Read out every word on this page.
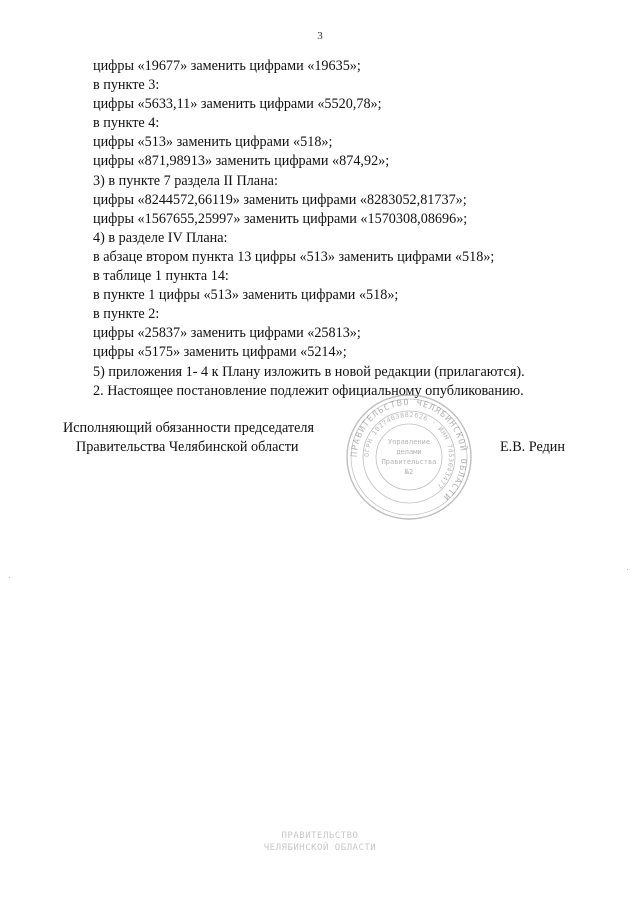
3
цифры «19677» заменить цифрами «19635»;
в пункте 3:
цифры «5633,11» заменить цифрами «5520,78»;
в пункте 4:
цифры «513» заменить цифрами «518»;
цифры «871,98913» заменить цифрами «874,92»;
3) в пункте 7 раздела II Плана:
цифры «8244572,66119» заменить цифрами «8283052,81737»;
цифры «1567655,25997» заменить цифрами «1570308,08696»;
4) в разделе IV Плана:
в абзаце втором пункта 13 цифры «513» заменить цифрами «518»;
в таблице 1 пункта 14:
в пункте 1 цифры «513» заменить цифрами «518»;
в пункте 2:
цифры «25837» заменить цифрами «25813»;
цифры «5175» заменить цифрами «5214»;
5) приложения 1- 4 к Плану изложить в новой редакции (прилагаются).
2. Настоящее постановление подлежит официальному опубликованию.
ПРАВИТЕЛЬСТВО ЧЕЛЯБИНСКОЙ ОБЛАСТИ
ОГРН 1027403882626 · ИНН 7453043477
Управление
делами
Правительства
№2
Исполняющий обязанности председателя
Правительства Челябинской области	Е.В. Редин
ПРАВИТЕЛЬСТВО
ЧЕЛЯБИНСКОЙ ОБЛАСТИ
